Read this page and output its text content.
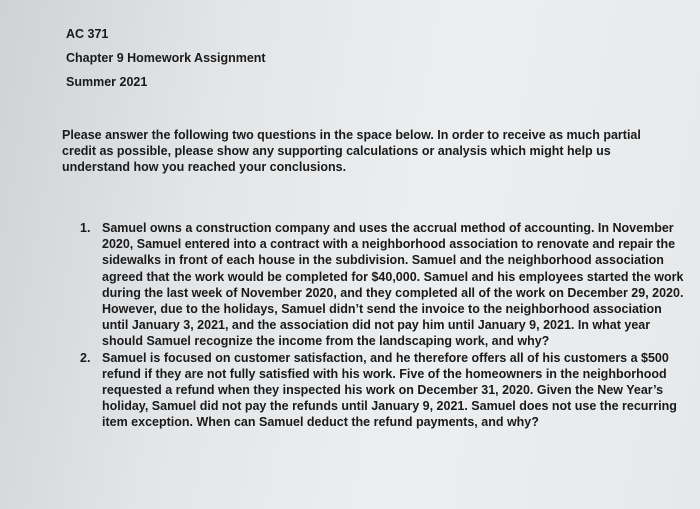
AC 371
Chapter 9 Homework Assignment
Summer 2021

Please answer the following two questions in the space below. In order to receive as much partial credit as possible, please show any supporting calculations or analysis which might help us understand how you reached your conclusions.

1. Samuel owns a construction company and uses the accrual method of accounting. In November 2020, Samuel entered into a contract with a neighborhood association to renovate and repair the sidewalks in front of each house in the subdivision. Samuel and the neighborhood association agreed that the work would be completed for $40,000. Samuel and his employees started the work during the last week of November 2020, and they completed all of the work on December 29, 2020. However, due to the holidays, Samuel didn’t send the invoice to the neighborhood association until January 3, 2021, and the association did not pay him until January 9, 2021. In what year should Samuel recognize the income from the landscaping work, and why?
2. Samuel is focused on customer satisfaction, and he therefore offers all of his customers a $500 refund if they are not fully satisfied with his work. Five of the homeowners in the neighborhood requested a refund when they inspected his work on December 31, 2020. Given the New Year’s holiday, Samuel did not pay the refunds until January 9, 2021. Samuel does not use the recurring item exception. When can Samuel deduct the refund payments, and why?
